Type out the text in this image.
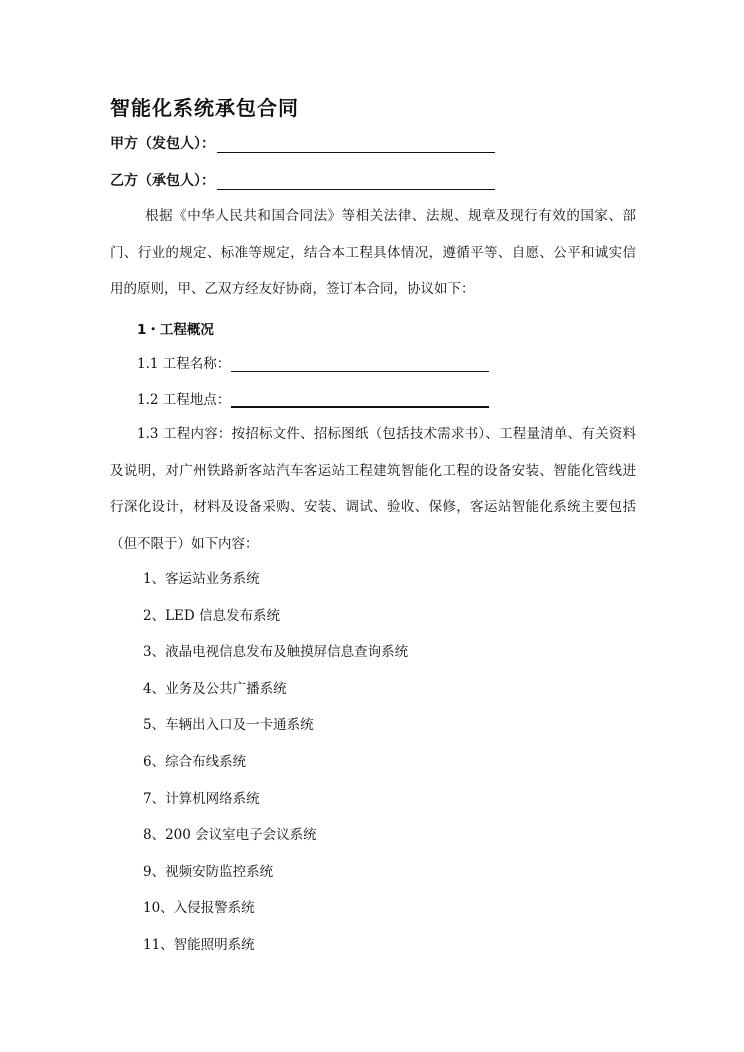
智能化系统承包合同
甲方（发包人）：
乙方（承包人）：
根据《中华人民共和国合同法》等相关法律、法规、规章及现行有效的国家、部门、行业的规定、标准等规定，结合本工程具体情况，遵循平等、自愿、公平和诚实信用的原则，甲、乙双方经友好协商，签订本合同，协议如下：
1・工程概况
1.1 工程名称：
1.2 工程地点：
1.3 工程内容：按招标文件、招标图纸（包括技术需求书）、工程量清单、有关资料及说明，对广州铁路新客站汽车客运站工程建筑智能化工程的设备安装、智能化管线进行深化设计，材料及设备采购、安装、调试、验收、保修，客运站智能化系统主要包括（但不限于）如下内容：
1、客运站业务系统
2、LED 信息发布系统
3、液晶电视信息发布及触摸屏信息查询系统
4、业务及公共广播系统
5、车辆出入口及一卡通系统
6、综合布线系统
7、计算机网络系统
8、200 会议室电子会议系统
9、视频安防监控系统
10、入侵报警系统
11、智能照明系统
